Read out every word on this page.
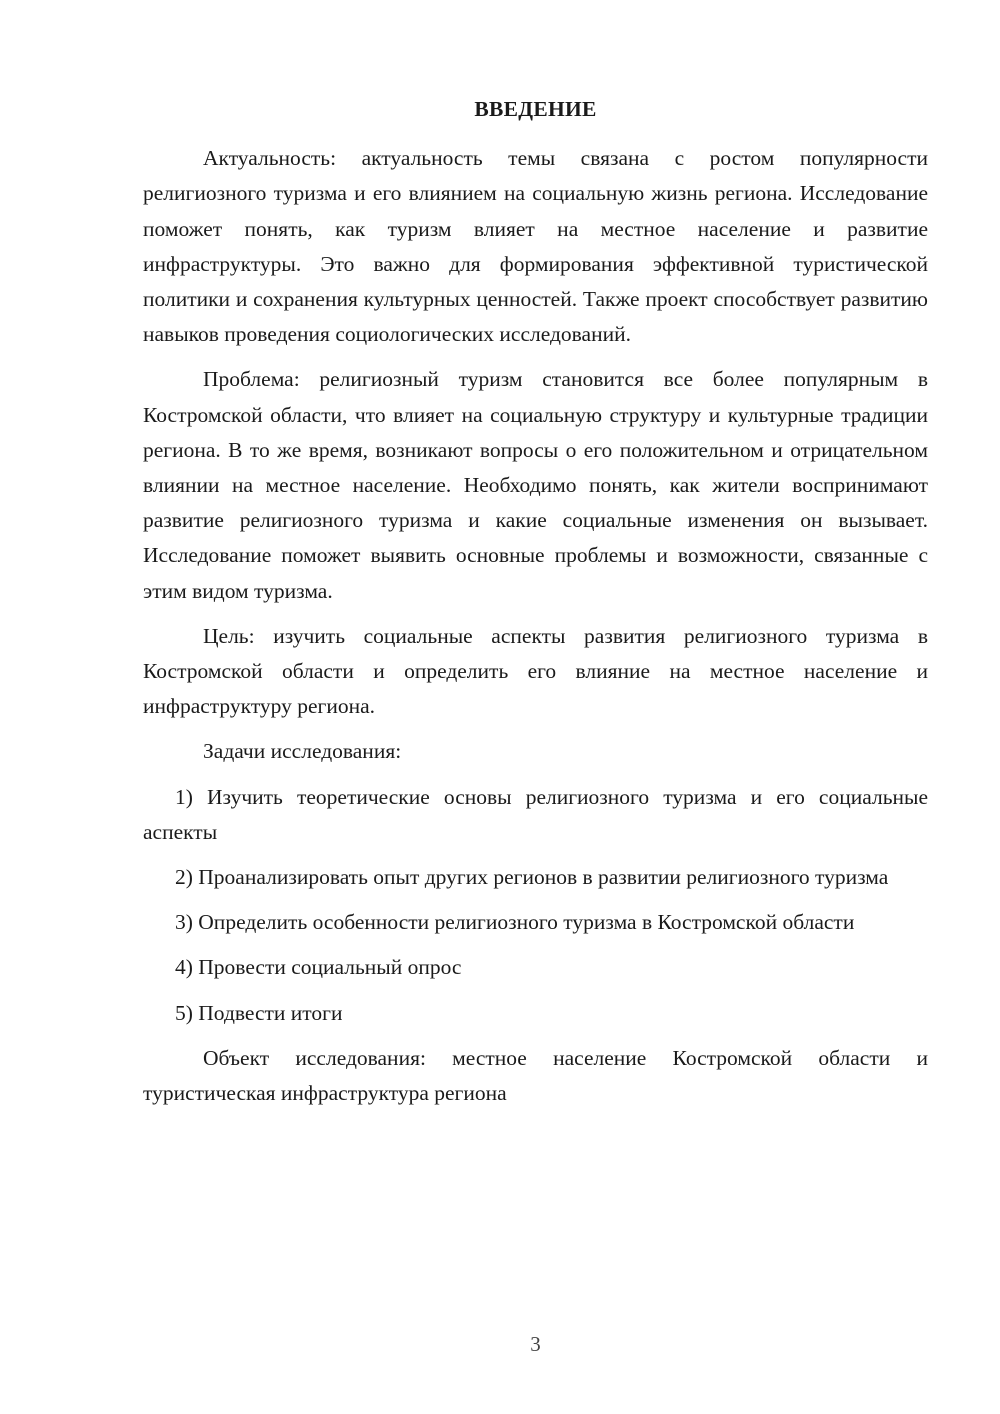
ВВЕДЕНИЕ

Актуальность: актуальность темы связана с ростом популярности религиозного туризма и его влиянием на социальную жизнь региона. Исследование поможет понять, как туризм влияет на местное население и развитие инфраструктуры. Это важно для формирования эффективной туристической политики и сохранения культурных ценностей. Также проект способствует развитию навыков проведения социологических исследований.

Проблема: религиозный туризм становится все более популярным в Костромской области, что влияет на социальную структуру и культурные традиции региона. В то же время, возникают вопросы о его положительном и отрицательном влиянии на местное население. Необходимо понять, как жители воспринимают развитие религиозного туризма и какие социальные изменения он вызывает. Исследование поможет выявить основные проблемы и возможности, связанные с этим видом туризма.

Цель: изучить социальные аспекты развития религиозного туризма в Костромской области и определить его влияние на местное население и инфраструктуру региона.

Задачи исследования:

1) Изучить теоретические основы религиозного туризма и его социальные аспекты

2) Проанализировать опыт других регионов в развитии религиозного туризма

3) Определить особенности религиозного туризма в Костромской области

4) Провести социальный опрос

5) Подвести итоги

Объект исследования: местное население Костромской области и туристическая инфраструктура региона

3
